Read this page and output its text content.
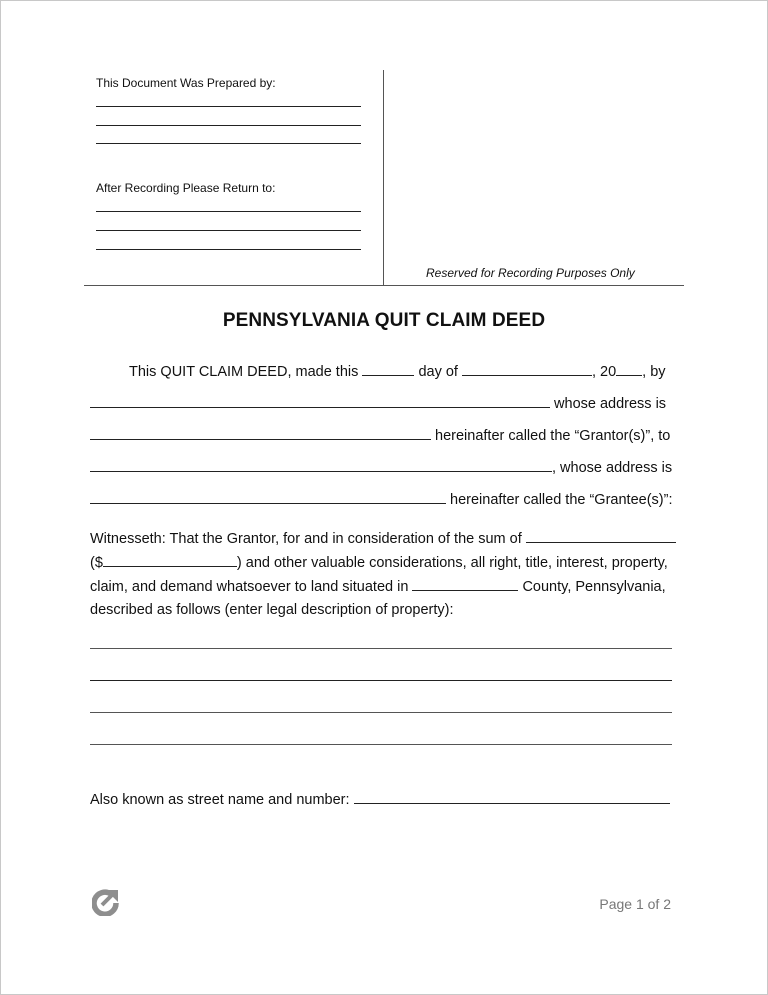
This Document Was Prepared by:
After Recording Please Return to:
Reserved for Recording Purposes Only
PENNSYLVANIA QUIT CLAIM DEED
This QUIT CLAIM DEED, made this	day of	, 20 , by
whose address is
hereinafter called the “Grantor(s)”, to
, whose address is
hereinafter called the “Grantee(s)”:
Witnesseth: That the Grantor, for and in consideration of the sum of
($	) and other valuable considerations, all right, title, interest, property,
claim, and demand whatsoever to land situated in	County, Pennsylvania,
described as follows (enter legal description of property):
Also known as street name and number:
Page 1 of 2
